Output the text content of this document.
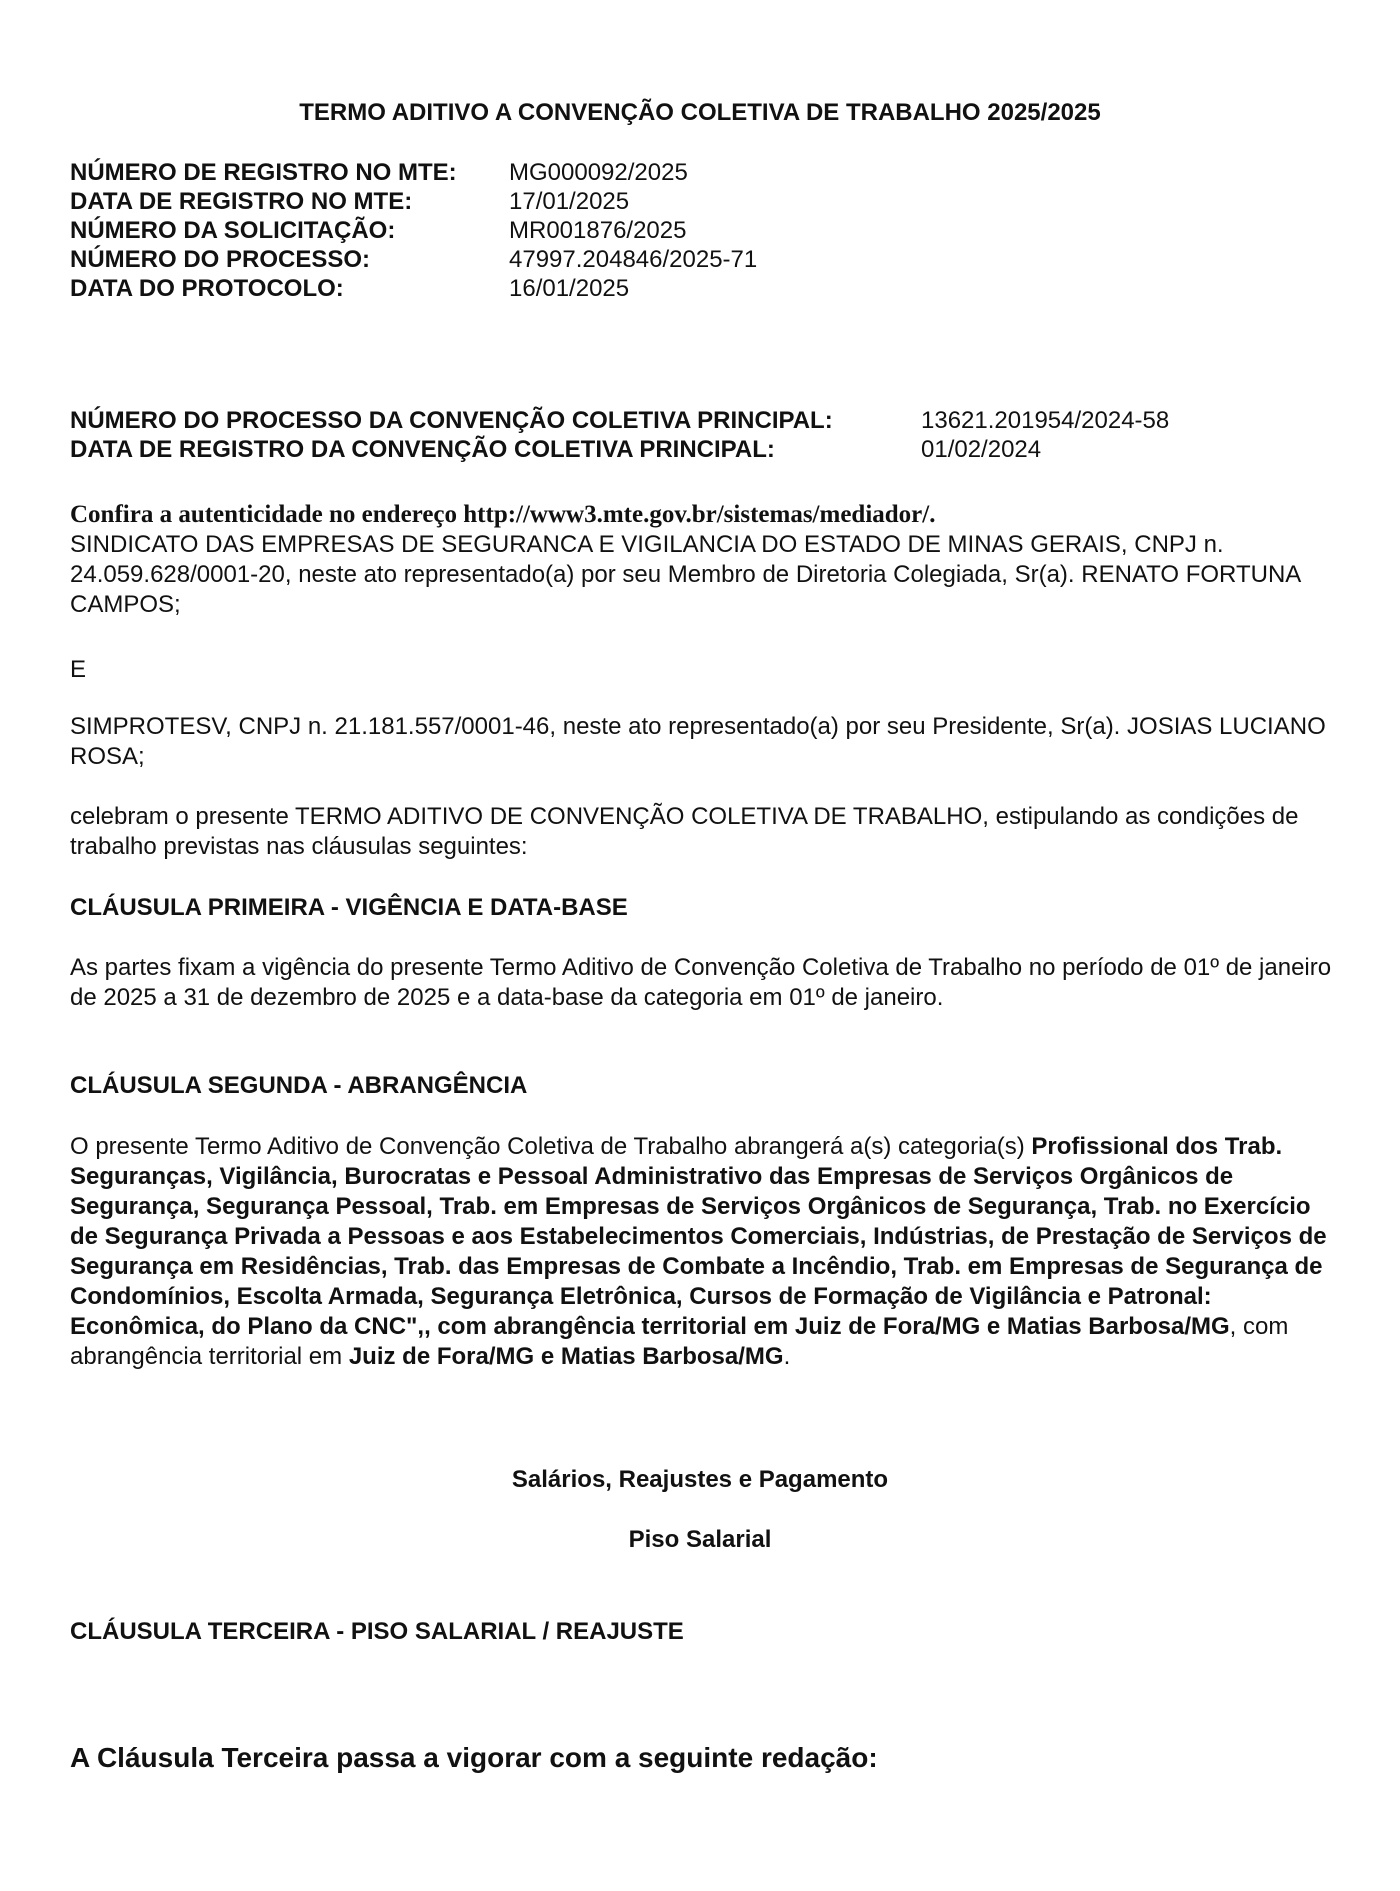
TERMO ADITIVO A CONVENÇÃO COLETIVA DE TRABALHO 2025/2025
NÚMERO DE REGISTRO NO MTE:	MG000092/2025
DATA DE REGISTRO NO MTE:	17/01/2025
NÚMERO DA SOLICITAÇÃO:	MR001876/2025
NÚMERO DO PROCESSO:	47997.204846/2025-71
DATA DO PROTOCOLO:	16/01/2025
NÚMERO DO PROCESSO DA CONVENÇÃO COLETIVA PRINCIPAL:	13621.201954/2024-58
DATA DE REGISTRO DA CONVENÇÃO COLETIVA PRINCIPAL:	01/02/2024
Confira a autenticidade no endereço http://www3.mte.gov.br/sistemas/mediador/.
SINDICATO DAS EMPRESAS DE SEGURANCA E VIGILANCIA DO ESTADO DE MINAS GERAIS, CNPJ n. 24.059.628/0001-20, neste ato representado(a) por seu Membro de Diretoria Colegiada, Sr(a). RENATO FORTUNA CAMPOS;
E
SIMPROTESV, CNPJ n. 21.181.557/0001-46, neste ato representado(a) por seu Presidente, Sr(a). JOSIAS LUCIANO ROSA;
celebram o presente TERMO ADITIVO DE CONVENÇÃO COLETIVA DE TRABALHO, estipulando as condições de trabalho previstas nas cláusulas seguintes:
CLÁUSULA PRIMEIRA - VIGÊNCIA E DATA-BASE
As partes fixam a vigência do presente Termo Aditivo de Convenção Coletiva de Trabalho no período de 01º de janeiro de 2025 a 31 de dezembro de 2025 e a data-base da categoria em 01º de janeiro.
CLÁUSULA SEGUNDA - ABRANGÊNCIA
O presente Termo Aditivo de Convenção Coletiva de Trabalho abrangerá a(s) categoria(s) Profissional dos Trab. Seguranças, Vigilância, Burocratas e Pessoal Administrativo das Empresas de Serviços Orgânicos de Segurança, Segurança Pessoal, Trab. em Empresas de Serviços Orgânicos de Segurança, Trab. no Exercício de Segurança Privada a Pessoas e aos Estabelecimentos Comerciais, Indústrias, de Prestação de Serviços de Segurança em Residências, Trab. das Empresas de Combate a Incêndio, Trab. em Empresas de Segurança de Condomínios, Escolta Armada, Segurança Eletrônica, Cursos de Formação de Vigilância e Patronal: Econômica, do Plano da CNC",, com abrangência territorial em Juiz de Fora/MG e Matias Barbosa/MG, com abrangência territorial em Juiz de Fora/MG e Matias Barbosa/MG.
Salários, Reajustes e Pagamento
Piso Salarial
CLÁUSULA TERCEIRA - PISO SALARIAL / REAJUSTE
A Cláusula Terceira passa a vigorar com a seguinte redação:
